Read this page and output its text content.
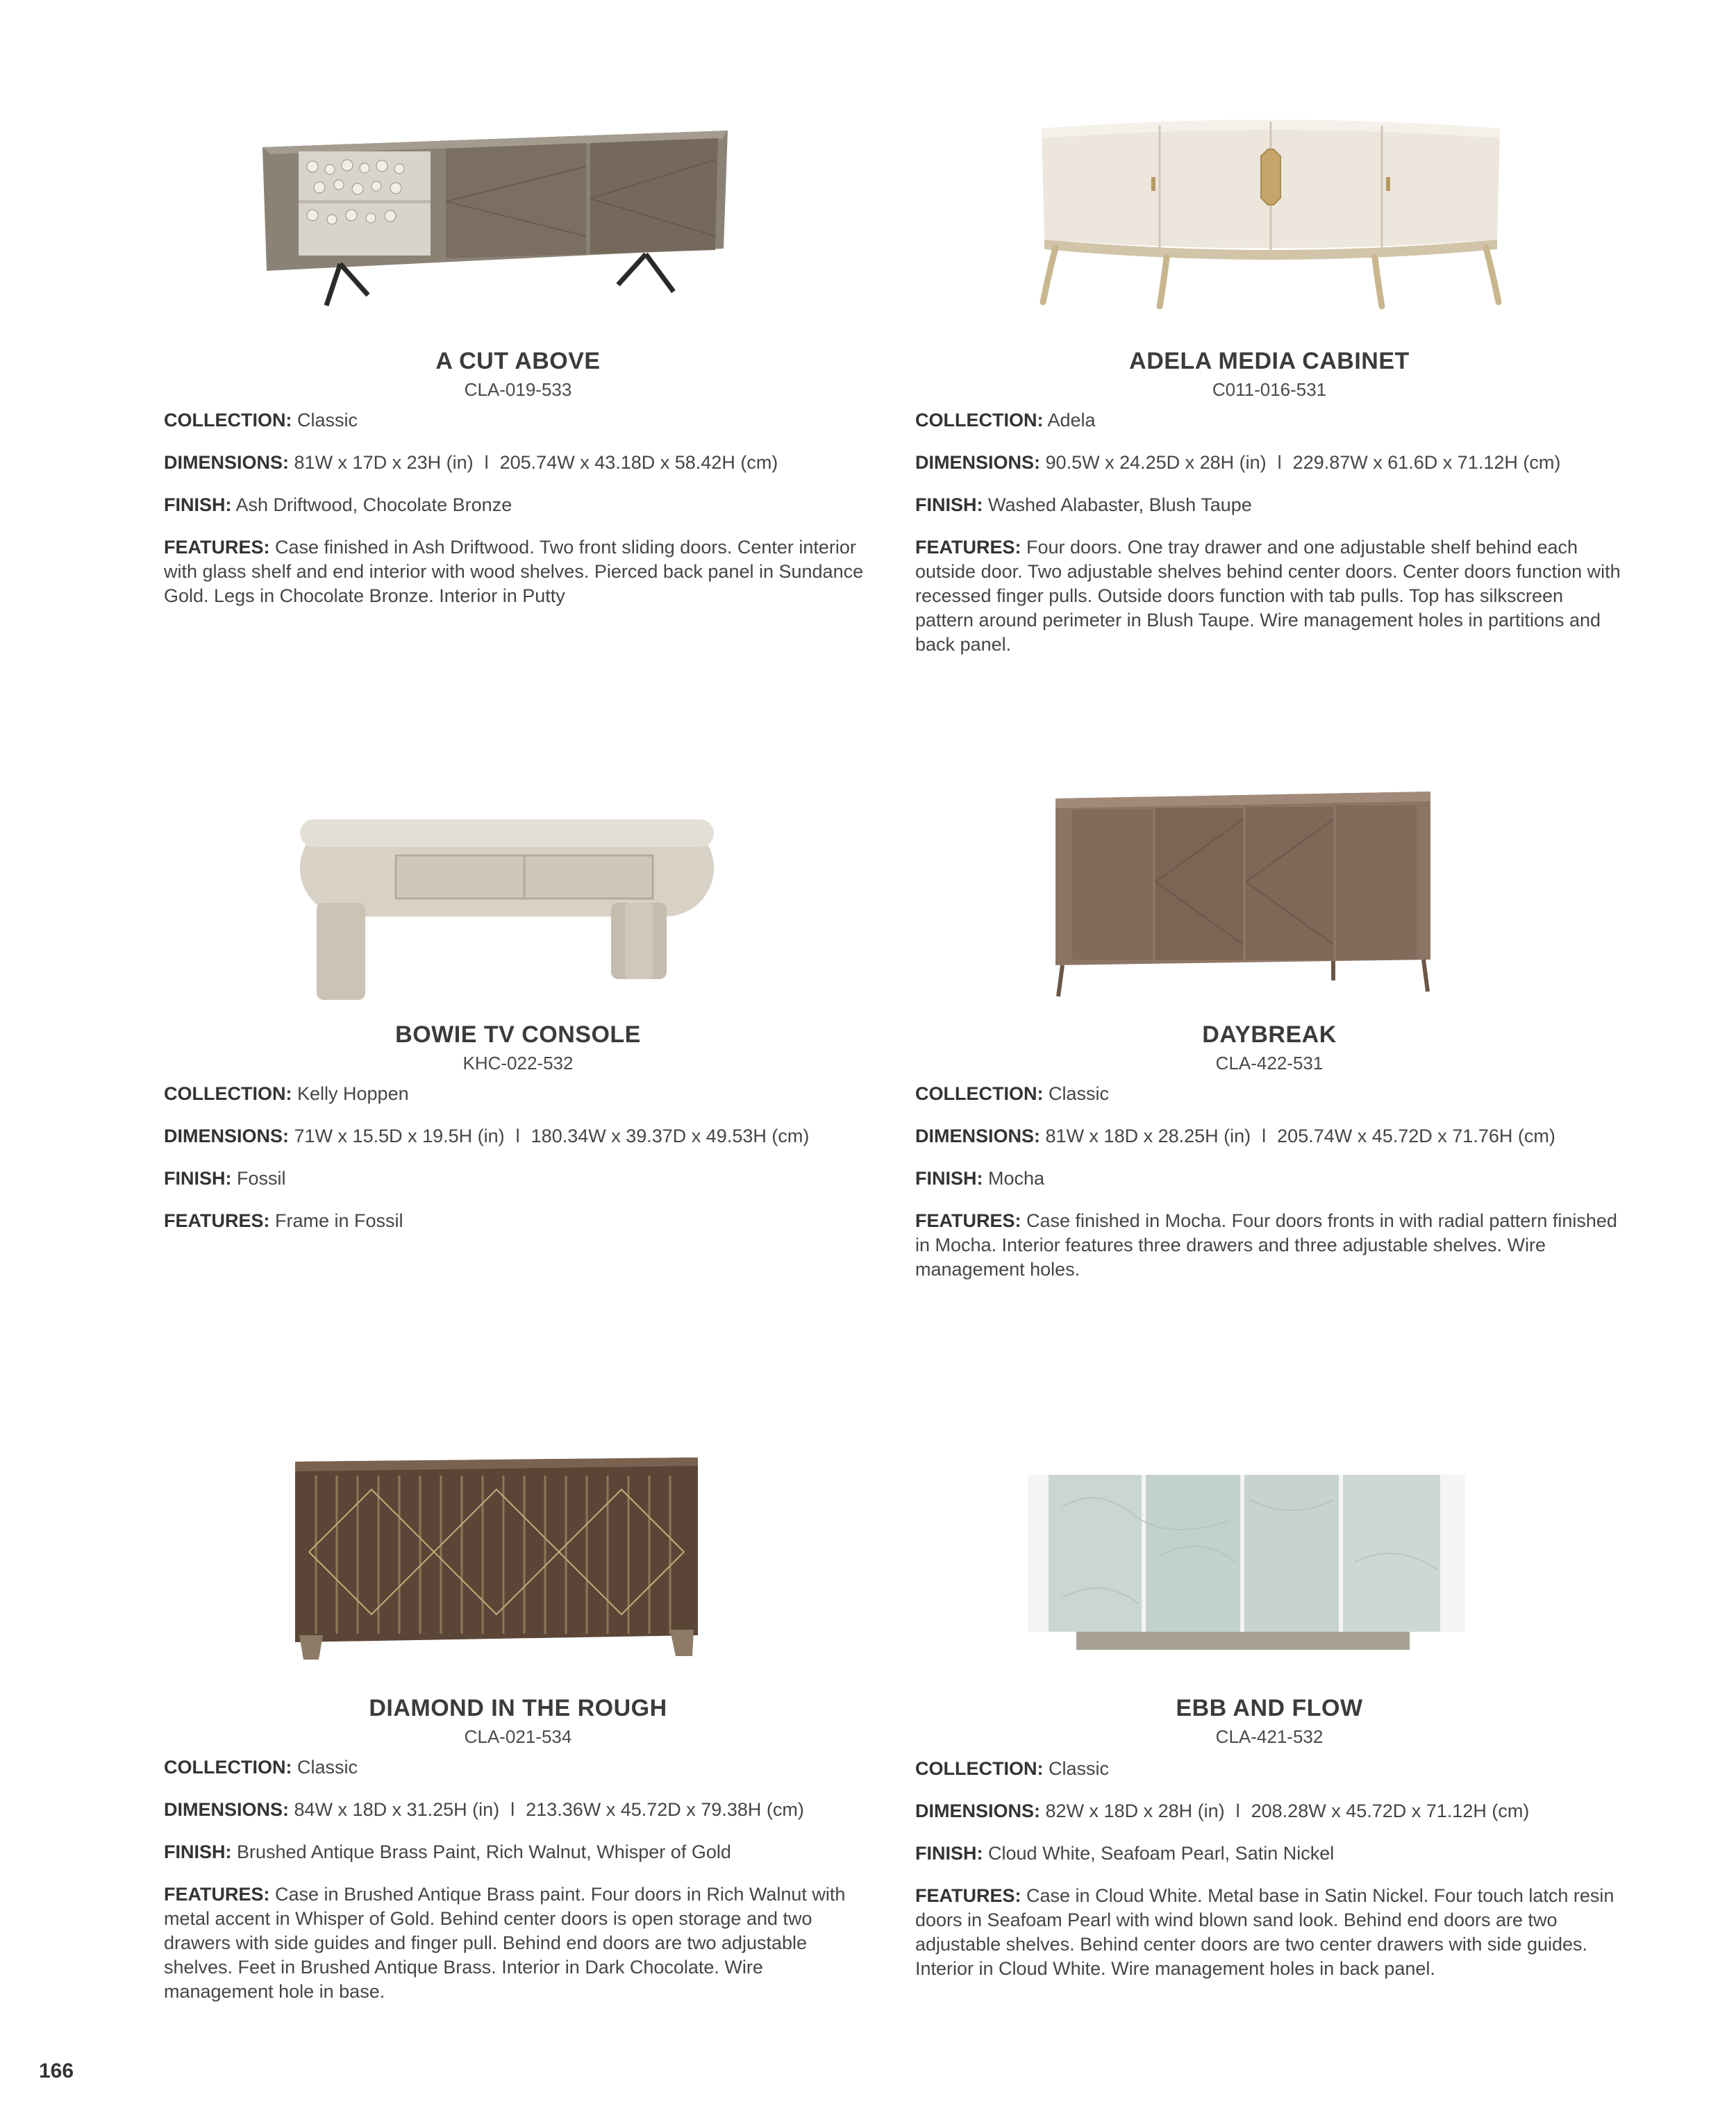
A CUT ABOVE
CLA-019-533
COLLECTION: Classic
DIMENSIONS: 81W x 17D x 23H (in) l 205.74W x 43.18D x 58.42H (cm)
FINISH: Ash Driftwood, Chocolate Bronze
FEATURES: Case finished in Ash Driftwood. Two front sliding doors. Center interior with glass shelf and end interior with wood shelves. Pierced back panel in Sundance Gold. Legs in Chocolate Bronze. Interior in Putty
ADELA MEDIA CABINET
C011-016-531
COLLECTION: Adela
DIMENSIONS: 90.5W x 24.25D x 28H (in) l 229.87W x 61.6D x 71.12H (cm)
FINISH: Washed Alabaster, Blush Taupe
FEATURES: Four doors. One tray drawer and one adjustable shelf behind each outside door. Two adjustable shelves behind center doors. Center doors function with recessed finger pulls. Outside doors function with tab pulls. Top has silkscreen pattern around perimeter in Blush Taupe. Wire management holes in partitions and back panel.
BOWIE TV CONSOLE
KHC-022-532
COLLECTION: Kelly Hoppen
DIMENSIONS: 71W x 15.5D x 19.5H (in) l 180.34W x 39.37D x 49.53H (cm)
FINISH: Fossil
FEATURES: Frame in Fossil
DAYBREAK
CLA-422-531
COLLECTION: Classic
DIMENSIONS: 81W x 18D x 28.25H (in) l 205.74W x 45.72D x 71.76H (cm)
FINISH: Mocha
FEATURES: Case finished in Mocha. Four doors fronts in with radial pattern finished in Mocha. Interior features three drawers and three adjustable shelves. Wire management holes.
DIAMOND IN THE ROUGH
CLA-021-534
COLLECTION: Classic
DIMENSIONS: 84W x 18D x 31.25H (in) l 213.36W x 45.72D x 79.38H (cm)
FINISH: Brushed Antique Brass Paint, Rich Walnut, Whisper of Gold
FEATURES: Case in Brushed Antique Brass paint. Four doors in Rich Walnut with metal accent in Whisper of Gold. Behind center doors is open storage and two drawers with side guides and finger pull. Behind end doors are two adjustable shelves. Feet in Brushed Antique Brass. Interior in Dark Chocolate. Wire management hole in base.
EBB AND FLOW
CLA-421-532
COLLECTION: Classic
DIMENSIONS: 82W x 18D x 28H (in) l 208.28W x 45.72D x 71.12H (cm)
FINISH: Cloud White, Seafoam Pearl, Satin Nickel
FEATURES: Case in Cloud White. Metal base in Satin Nickel. Four touch latch resin doors in Seafoam Pearl with wind blown sand look. Behind end doors are two adjustable shelves. Behind center doors are two center drawers with side guides. Interior in Cloud White. Wire management holes in back panel.
166
